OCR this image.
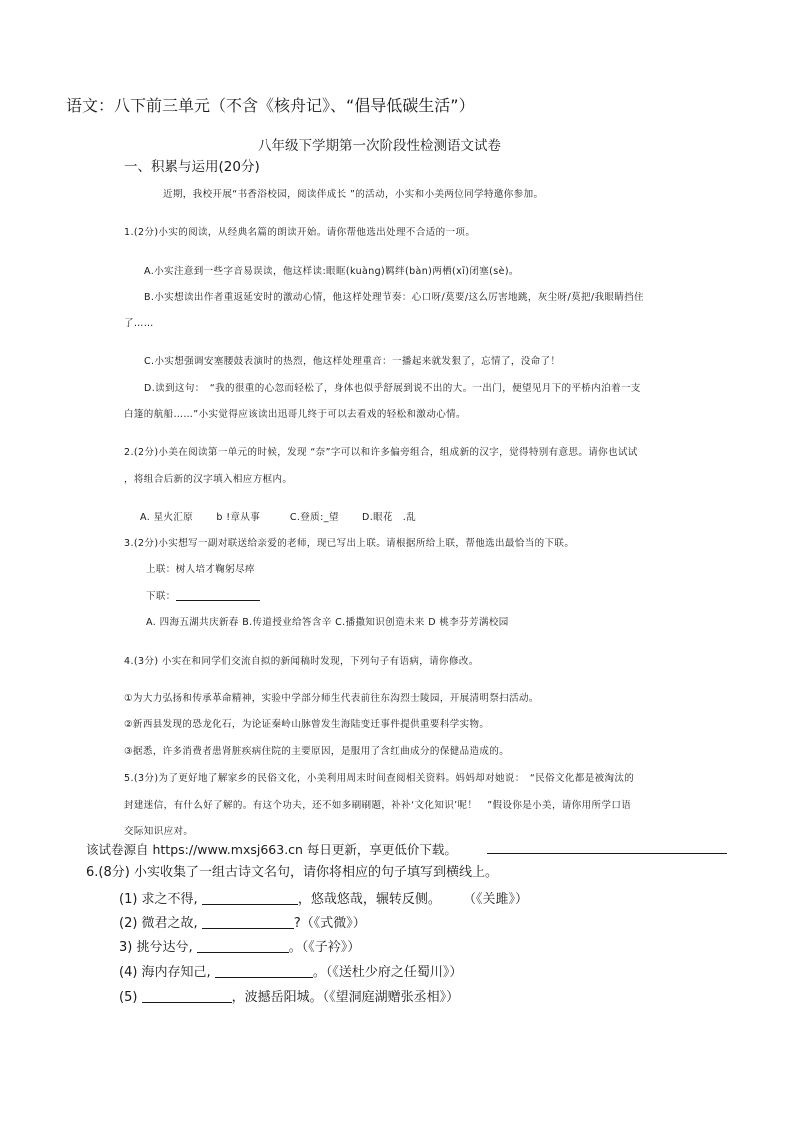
语文：八下前三单元（不含《核舟记》、“倡导低碳生活”）
八年级下学期第一次阶段性检测语文试卷
一、积累与运用(20分)
近期，我校开展“书香浴校园，阅读伴成长 ”的活动，小实和小美两位同学特邀你参加。
1.(2分)小实的阅读，从经典名篇的朗读开始。请你帮他选出处理不合适的一项。
A.小实注意到一些字音易误读，他这样读:眼眶(kuàng)羁绊(bàn)两栖(xī)闭塞(sè)。
B.小实想读出作者重返延安时的激动心情，他这样处理节奏：心口呀/莫要/这么厉害地跳，灰尘呀/莫把/我眼睛挡住
了……
C.小实想强调安塞腰鼓表演时的热烈，他这样处理重音：一播起来就发狠了，忘情了，没命了！
D.读到这句：　“我的很重的心忽而轻松了，身体也似乎舒展到说不出的大。一出门，便望见月下的平桥内泊着一支
白篷的航船……”小实觉得应该读出迅哥儿终于可以去看戏的轻松和激动心情。
2.(2分)小美在阅读第一单元的时候，发现 “奈”字可以和许多偏旁组合，组成新的汉字，觉得特别有意思。请你也试试
，将组合后新的汉字填入相应方框内。
A. 星火汇原　　 b !章从事　　　C.登质:_望　　 D.眼花　.乱
3.(2分)小实想写一副对联送给亲爱的老师，现已写出上联。请根据所给上联，帮他选出最恰当的下联。
上联：树人培才鞠躬尽瘁
下联：
A. 四海五湖共庆新春 B.传道授业给答含辛 C.播撒知识创造未来 D 桃李芬芳满校园
4.(3分) 小实在和同学们交流自拟的新闻稿时发现，下列句子有语病，请你修改。
①为大力弘扬和传承革命精神，实验中学部分师生代表前往东沟烈士陵园，开展清明祭扫活动。
②新西县发现的恐龙化石，为论证秦岭山脉曾发生海陆变迁事件提供重要科学实物。
③据悉，许多消费者患肾脏疾病住院的主要原因，是服用了含红曲成分的保健品造成的。
5.(3分)为了更好地了解家乡的民俗文化，小美利用周末时间查阅相关资料。妈妈却对她说：　“民俗文化都是被淘汰的
封建迷信，有什么好了解的。有这个功夫，还不如多刷刷题，补补‘文化知识’呢！　”假设你是小美，请你用所学口语
交际知识应对。
该试卷源自 https://www.mxsj663.cn 每日更新，享更低价下载。
6.(8分) 小实收集了一组古诗文名句，请你将相应的句子填写到横线上。
(1) 求之不得,	，悠哉悠哉，辗转反侧。 （《关雎》）
(2) 微君之故,	?（《式微》）
3) 挑兮达兮,	。（《子衿》）
(4) 海内存知己,	。（《送杜少府之任蜀川》）
(5)	，波撼岳阳城。（《望洞庭湖赠张丞相》）
